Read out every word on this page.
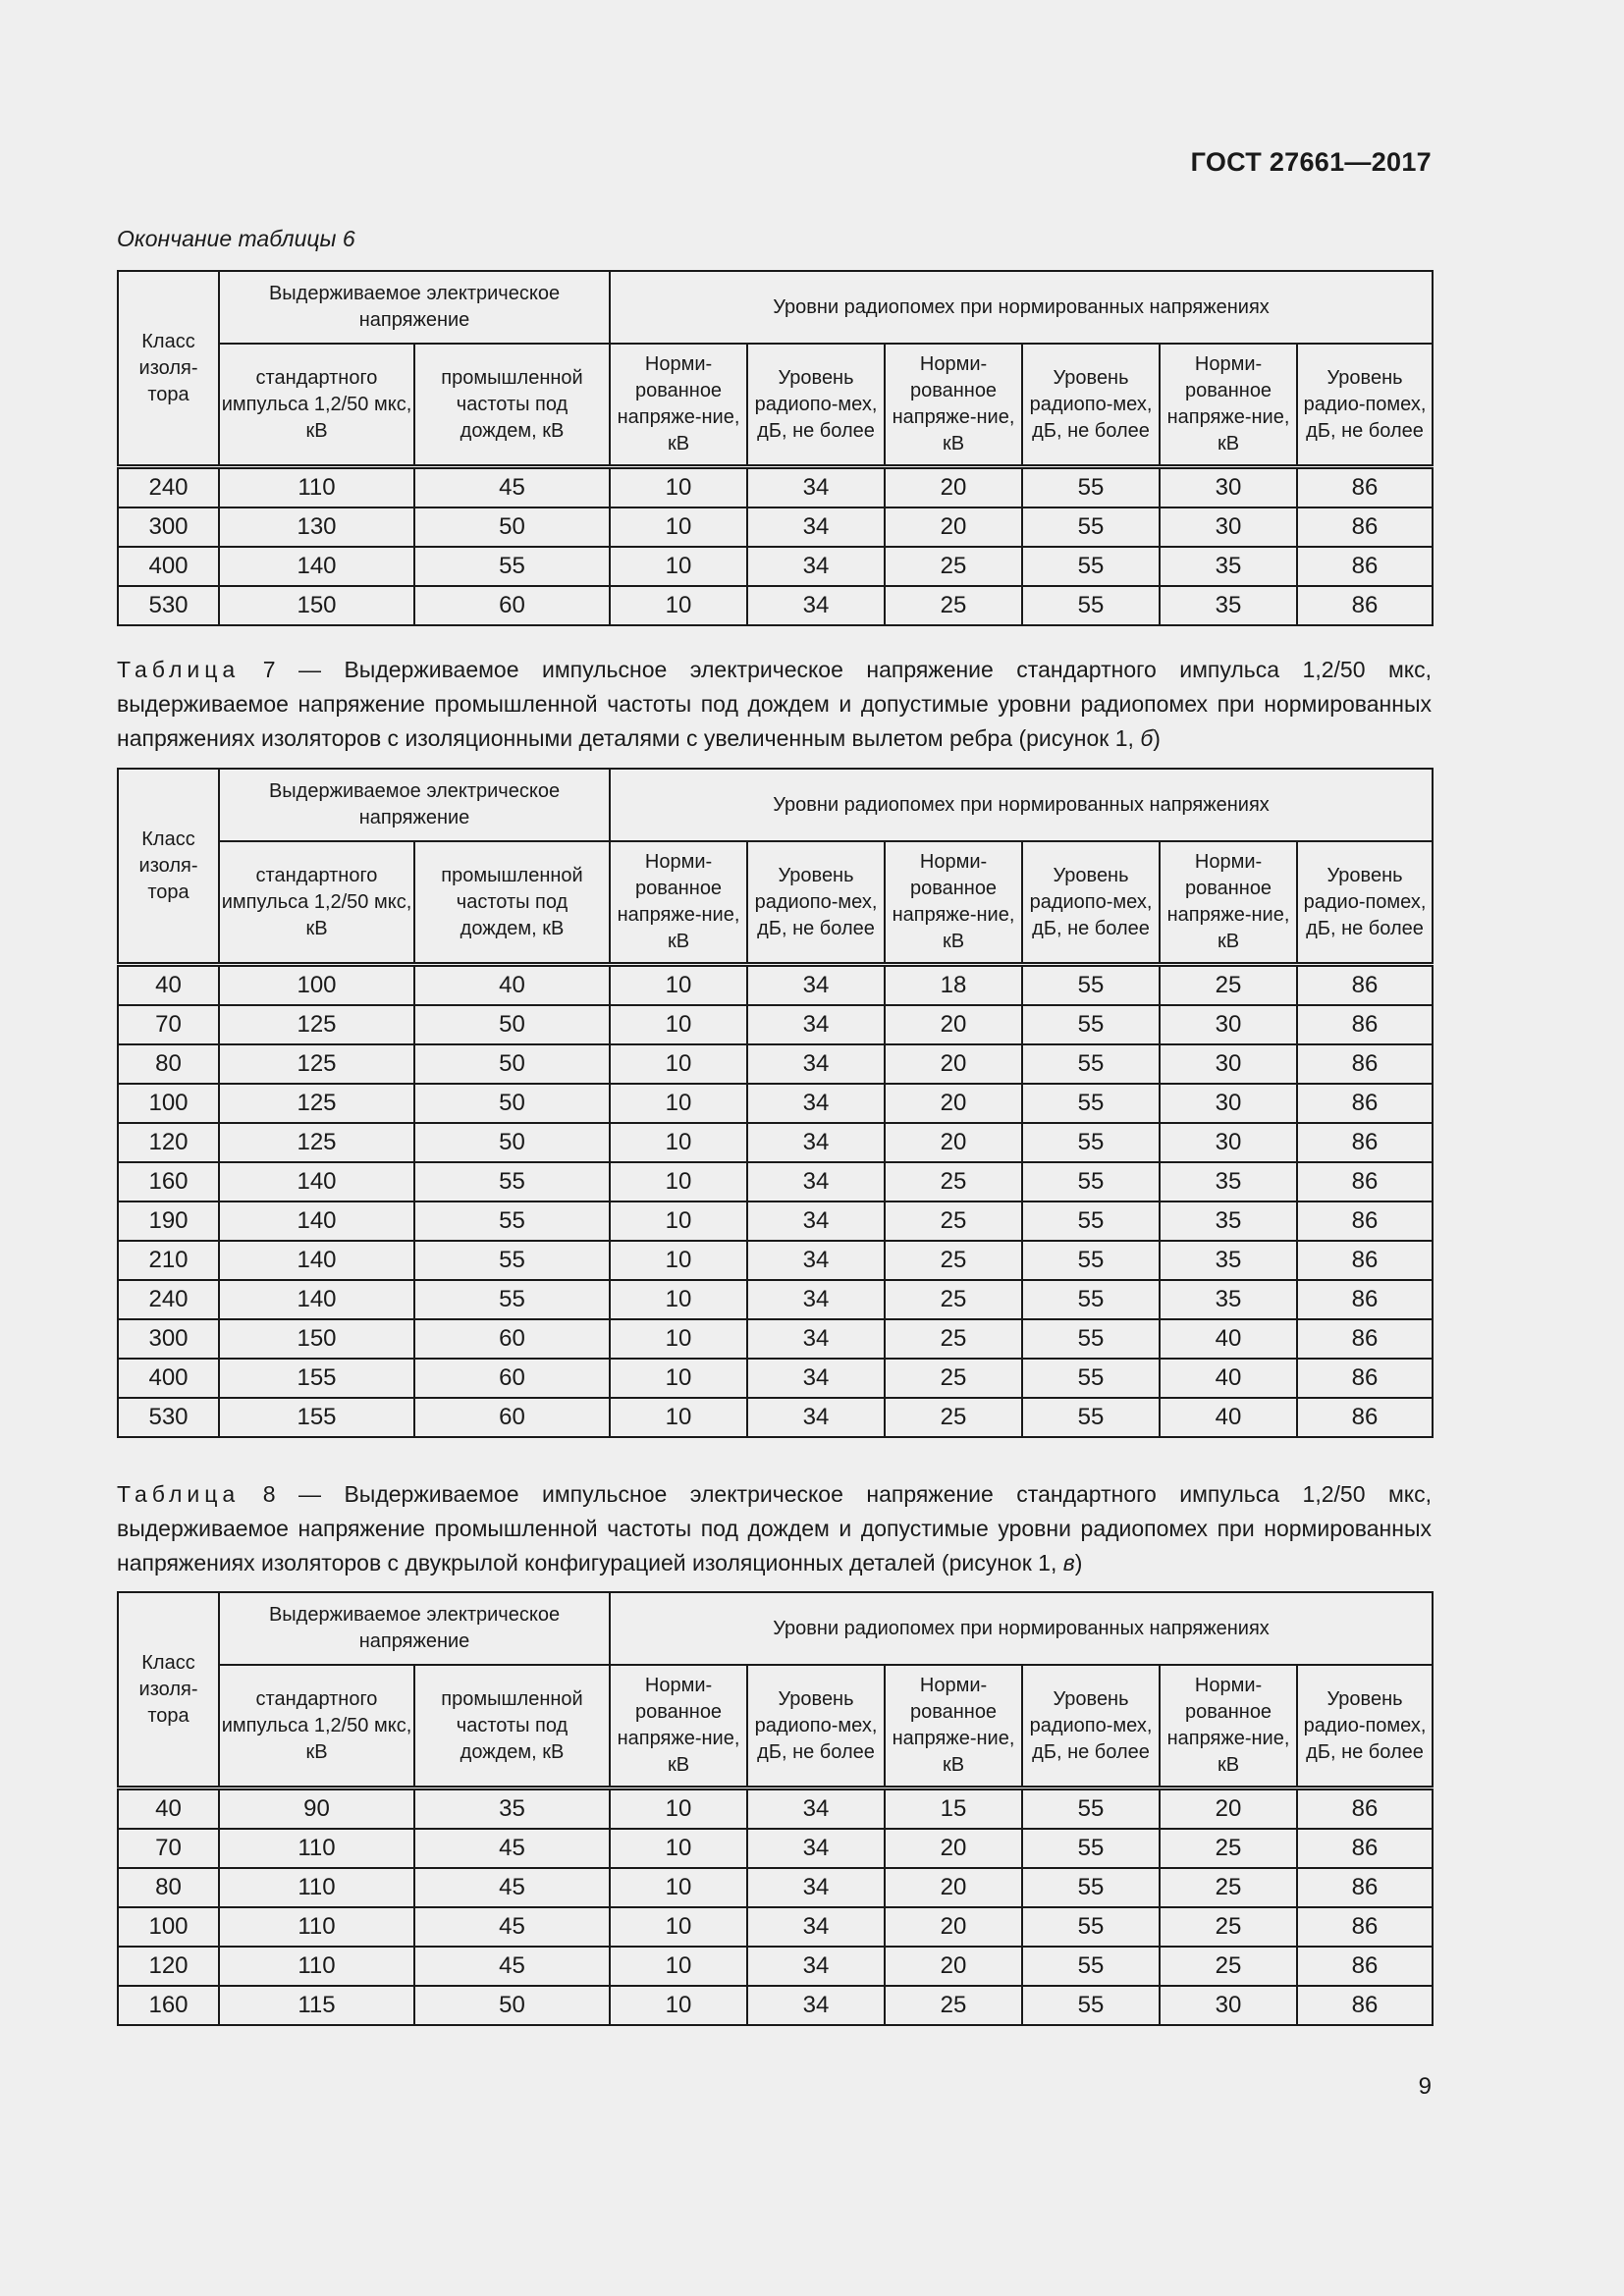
ГОСТ 27661—2017
Окончание таблицы 6
Класс изоля-тора	Выдерживаемое электрическое напряжение		Уровни радиопомех при нормированных напряжениях					
	стандартного импульса 1,2/50 мкс, кВ	промышленной частоты под дождем, кВ	Норми-рованное напряже-ние, кВ	Уровень радиопо-мех, дБ, не более	Норми-рованное напряже-ние, кВ	Уровень радиопо-мех, дБ, не более	Норми-рованное напряже-ние, кВ	Уровень радио-помех, дБ, не более
240	110	45	10	34	20	55	30	86
300	130	50	10	34	20	55	30	86
400	140	55	10	34	25	55	35	86
530	150	60	10	34	25	55	35	86
Таблица 7 — Выдерживаемое импульсное электрическое напряжение стандартного импульса 1,2/50 мкс, выдерживаемое напряжение промышленной частоты под дождем и допустимые уровни радиопомех при нормированных напряжениях изоляторов с изоляционными деталями с увеличенным вылетом ребра (рисунок 1, б)
Класс изоля-тора	Выдерживаемое электрическое напряжение		Уровни радиопомех при нормированных напряжениях					
	стандартного импульса 1,2/50 мкс, кВ	промышленной частоты под дождем, кВ	Норми-рованное напряже-ние, кВ	Уровень радиопо-мех, дБ, не более	Норми-рованное напряже-ние, кВ	Уровень радиопо-мех, дБ, не более	Норми-рованное напряже-ние, кВ	Уровень радио-помех, дБ, не более
40	100	40	10	34	18	55	25	86
70	125	50	10	34	20	55	30	86
80	125	50	10	34	20	55	30	86
100	125	50	10	34	20	55	30	86
120	125	50	10	34	20	55	30	86
160	140	55	10	34	25	55	35	86
190	140	55	10	34	25	55	35	86
210	140	55	10	34	25	55	35	86
240	140	55	10	34	25	55	35	86
300	150	60	10	34	25	55	40	86
400	155	60	10	34	25	55	40	86
530	155	60	10	34	25	55	40	86
Таблица 8 — Выдерживаемое импульсное электрическое напряжение стандартного импульса 1,2/50 мкс, выдерживаемое напряжение промышленной частоты под дождем и допустимые уровни радиопомех при нормированных напряжениях изоляторов с двукрылой конфигурацией изоляционных деталей (рисунок 1, в)
Класс изоля-тора	Выдерживаемое электрическое напряжение		Уровни радиопомех при нормированных напряжениях					
	стандартного импульса 1,2/50 мкс, кВ	промышленной частоты под дождем, кВ	Норми-рованное напряже-ние, кВ	Уровень радиопо-мех, дБ, не более	Норми-рованное напряже-ние, кВ	Уровень радиопо-мех, дБ, не более	Норми-рованное напряже-ние, кВ	Уровень радио-помех, дБ, не более
40	90	35	10	34	15	55	20	86
70	110	45	10	34	20	55	25	86
80	110	45	10	34	20	55	25	86
100	110	45	10	34	20	55	25	86
120	110	45	10	34	20	55	25	86
160	115	50	10	34	25	55	30	86
9
